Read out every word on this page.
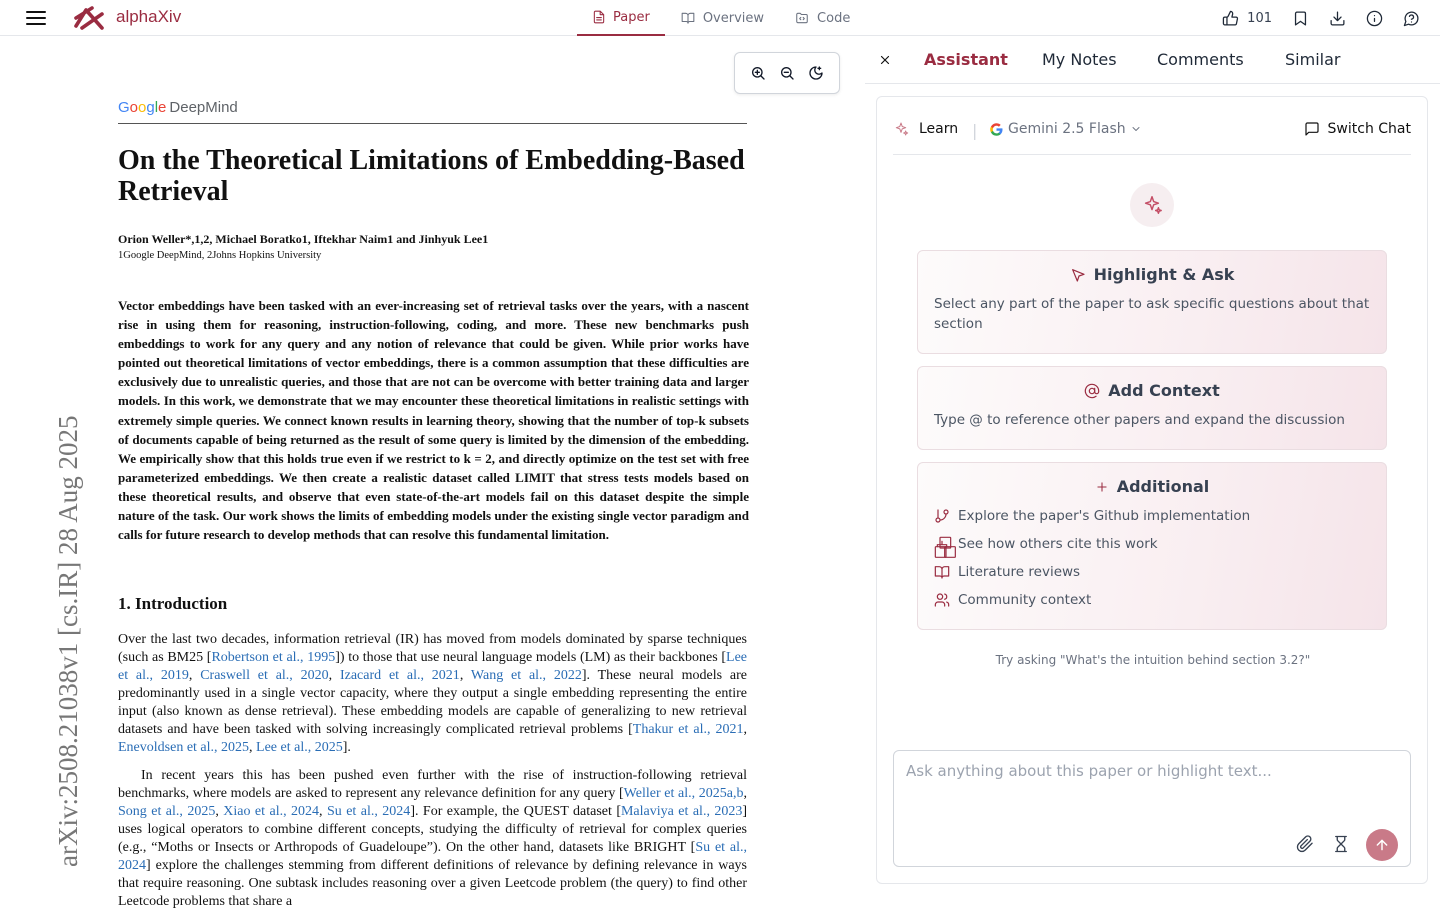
alphaXiv	Paper	Overview	Code	101
arXiv:2508.21038v1 [cs.IR] 28 Aug 2025
Google DeepMind
On the Theoretical Limitations of Embedding-Based Retrieval
Orion Weller*,1,2, Michael Boratko1, Iftekhar Naim1 and Jinhyuk Lee1
1Google DeepMind, 2Johns Hopkins University
Vector embeddings have been tasked with an ever-increasing set of retrieval tasks over the years, with a nascent rise in using them for reasoning, instruction-following, coding, and more. These new benchmarks push embeddings to work for any query and any notion of relevance that could be given. While prior works have pointed out theoretical limitations of vector embeddings, there is a common assumption that these difficulties are exclusively due to unrealistic queries, and those that are not can be overcome with better training data and larger models. In this work, we demonstrate that we may encounter these theoretical limitations in realistic settings with extremely simple queries. We connect known results in learning theory, showing that the number of top-k subsets of documents capable of being returned as the result of some query is limited by the dimension of the embedding. We empirically show that this holds true even if we restrict to k = 2, and directly optimize on the test set with free parameterized embeddings. We then create a realistic dataset called LIMIT that stress tests models based on these theoretical results, and observe that even state-of-the-art models fail on this dataset despite the simple nature of the task. Our work shows the limits of embedding models under the existing single vector paradigm and calls for future research to develop methods that can resolve this fundamental limitation.
1. Introduction
Over the last two decades, information retrieval (IR) has moved from models dominated by sparse techniques (such as BM25 [Robertson et al., 1995]) to those that use neural language models (LM) as their backbones [Lee et al., 2019, Craswell et al., 2020, Izacard et al., 2021, Wang et al., 2022]. These neural models are predominantly used in a single vector capacity, where they output a single embedding representing the entire input (also known as dense retrieval). These embedding models are capable of generalizing to new retrieval datasets and have been tasked with solving increasingly complicated retrieval problems [Thakur et al., 2021, Enevoldsen et al., 2025, Lee et al., 2025].
In recent years this has been pushed even further with the rise of instruction-following retrieval benchmarks, where models are asked to represent any relevance definition for any query [Weller et al., 2025a,b, Song et al., 2025, Xiao et al., 2024, Su et al., 2024]. For example, the QUEST dataset [Malaviya et al., 2023] uses logical operators to combine different concepts, studying the difficulty of retrieval for complex queries (e.g., “Moths or Insects or Arthropods of Guadeloupe”). On the other hand, datasets like BRIGHT [Su et al., 2024] explore the challenges stemming from different definitions of relevance by defining relevance in ways that require reasoning. One subtask includes reasoning over a given Leetcode problem (the query) to find other Leetcode problems that share a
Assistant My Notes	Comments	Similar
Learn | Gemini 2.5 Flash	Switch Chat
Highlight & Ask
Select any part of the paper to ask specific questions about that section
Add Context
Type @ to reference other papers and expand the discussion
Additional
Explore the paper's Github implementation
See how others cite this work
Literature reviews
Community context
Try asking "What's the intuition behind section 3.2?"
Ask anything about this paper or highlight text...
